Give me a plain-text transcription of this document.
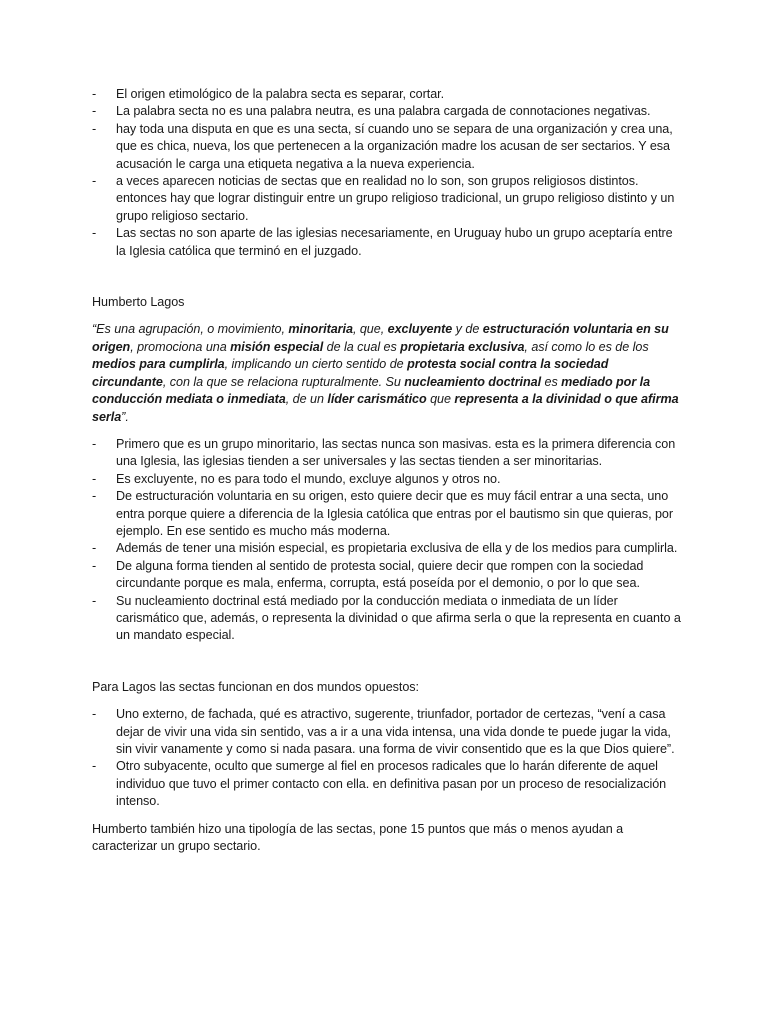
- El origen etimológico de la palabra secta es separar, cortar.
- La palabra secta no es una palabra neutra, es una palabra cargada de connotaciones negativas.
- hay toda una disputa en que es una secta, sí cuando uno se separa de una organización y crea una, que es chica, nueva, los que pertenecen a la organización madre los acusan de ser sectarios. Y esa acusación le carga una etiqueta negativa a la nueva experiencia.
- a veces aparecen noticias de sectas que en realidad no lo son, son grupos religiosos distintos. entonces hay que lograr distinguir entre un grupo religioso tradicional, un grupo religioso distinto y un grupo religioso sectario.
- Las sectas no son aparte de las iglesias necesariamente, en Uruguay hubo un grupo aceptaría entre la Iglesia católica que terminó en el juzgado.

Humberto Lagos

“Es una agrupación, o movimiento, minoritaria, que, excluyente y de estructuración voluntaria en su origen, promociona una misión especial de la cual es propietaria exclusiva, así como lo es de los medios para cumplirla, implicando un cierto sentido de protesta social contra la sociedad circundante, con la que se relaciona rupturalmente. Su nucleamiento doctrinal es mediado por la conducción mediata o inmediata, de un líder carismático que representa a la divinidad o que afirma serla”.

- Primero que es un grupo minoritario, las sectas nunca son masivas. esta es la primera diferencia con una Iglesia, las iglesias tienden a ser universales y las sectas tienden a ser minoritarias.
- Es excluyente, no es para todo el mundo, excluye algunos y otros no.
- De estructuración voluntaria en su origen, esto quiere decir que es muy fácil entrar a una secta, uno entra porque quiere a diferencia de la Iglesia católica que entras por el bautismo sin que quieras, por ejemplo. En ese sentido es mucho más moderna.
- Además de tener una misión especial, es propietaria exclusiva de ella y de los medios para cumplirla.
- De alguna forma tienden al sentido de protesta social, quiere decir que rompen con la sociedad circundante porque es mala, enferma, corrupta, está poseída por el demonio, o por lo que sea.
- Su nucleamiento doctrinal está mediado por la conducción mediata o inmediata de un líder carismático que, además, o representa la divinidad o que afirma serla o que la representa en cuanto a un mandato especial.

Para Lagos las sectas funcionan en dos mundos opuestos:

- Uno externo, de fachada, qué es atractivo, sugerente, triunfador, portador de certezas, “vení a casa dejar de vivir una vida sin sentido, vas a ir a una vida intensa, una vida donde te puede jugar la vida, sin vivir vanamente y como si nada pasara. una forma de vivir consentido que es la que Dios quiere”.
- Otro subyacente, oculto que sumerge al fiel en procesos radicales que lo harán diferente de aquel individuo que tuvo el primer contacto con ella. en definitiva pasan por un proceso de resocialización intenso.

Humberto también hizo una tipología de las sectas, pone 15 puntos que más o menos ayudan a caracterizar un grupo sectario.
